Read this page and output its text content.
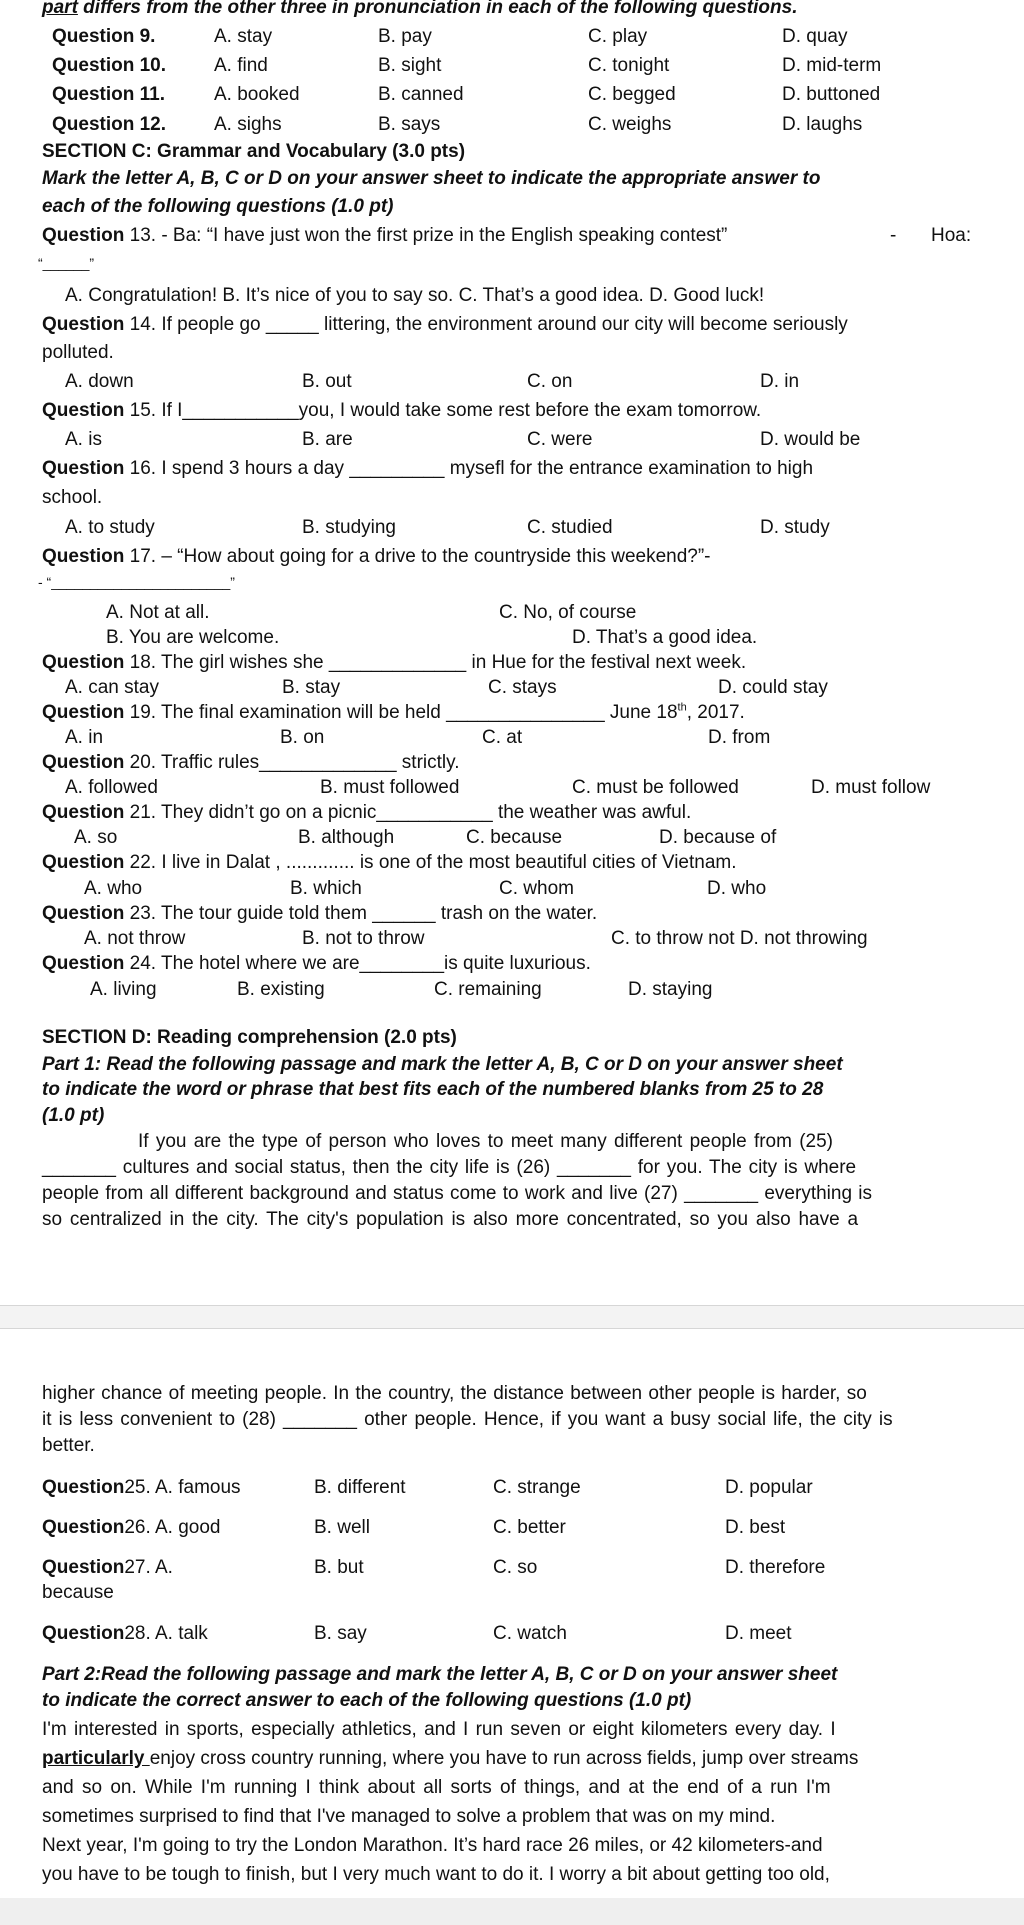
part differs from the other three in pronunciation in each of the following questions.
Question 9.	A. stay	B. pay	C. play	D. quay
Question 10.	A. find	B. sight	C. tonight	D. mid-term
Question 11.	A. booked	B. canned	C. begged	D. buttoned
Question 12.	A. sighs	B. says	C. weighs	D. laughs
SECTION C: Grammar and Vocabulary (3.0 pts)
Mark the letter A, B, C or D on your answer sheet to indicate the appropriate answer to
each of the following questions (1.0 pt)
Question 13. - Ba: “I have just won the first prize in the English speaking contest”	- Hoa:
“______”
A. Congratulation! B. It’s nice of you to say so. C. That’s a good idea. D. Good luck!
Question 14. If people go _____ littering, the environment around our city will become seriously
polluted.
A. down	B. out	C. on	D. in
Question 15. If I___________you, I would take some rest before the exam tomorrow.
A. is	B. are	C. were	D. would be
Question 16. I spend 3 hours a day _________ mysefl for the entrance examination to high
school.
A. to study	B. studying	C. studied	D. study
Question 17. – “How about going for a drive to the countryside this weekend?”-
- “_______________________”
A. Not at all.	C. No, of course
B. You are welcome.	D. That’s a good idea.
Question 18. The girl wishes she _____________ in Hue for the festival next week.
A. can stay	B. stay	C. stays	D. could stay
Question 19. The final examination will be held _______________ June 18th, 2017.
A. in	B. on	C. at	D. from
Question 20. Traffic rules_____________ strictly.
A. followed	B. must followed	C. must be followed	D. must follow
Question 21. They didn’t go on a picnic___________ the weather was awful.
A. so	B. although	C. because	D. because of
Question 22. I live in Dalat , ............. is one of the most beautiful cities of Vietnam.
A. who	B. which	C. whom	D. who
Question 23. The tour guide told them ______ trash on the water.
A. not throw	B. not to throw	C. to throw not D. not throwing
Question 24. The hotel where we are________is quite luxurious.
A. living	B. existing	C. remaining	D. staying
SECTION D: Reading comprehension (2.0 pts)
Part 1: Read the following passage and mark the letter A, B, C or D on your answer sheet
to indicate the word or phrase that best fits each of the numbered blanks from 25 to 28
(1.0 pt)
If you are the type of person who loves to meet many different people from (25)
_______ cultures and social status, then the city life is (26) _______ for you. The city is where
people from all different background and status come to work and live (27) _______ everything is
so centralized in the city. The city's population is also more concentrated, so you also have a
higher chance of meeting people. In the country, the distance between other people is harder, so
it is less convenient to (28) _______ other people. Hence, if you want a busy social life, the city is
better.
Question 25. A. famous	B. different	C. strange	D. popular
Question 26. A. good	B. well	C. better	D. best
Question 27. A.	B. but	C. so	D. therefore
because
Question 28. A. talk	B. say	C. watch	D. meet
Part 2:Read the following passage and mark the letter A, B, C or D on your answer sheet
to indicate the correct answer to each of the following questions (1.0 pt)
I'm interested in sports, especially athletics, and I run seven or eight kilometers every day. I
particularly enjoy cross country running, where you have to run across fields, jump over streams
and so on. While I'm running I think about all sorts of things, and at the end of a run I'm
sometimes surprised to find that I've managed to solve a problem that was on my mind.
Next year, I'm going to try the London Marathon. It’s hard race 26 miles, or 42 kilometers-and
you have to be tough to finish, but I very much want to do it. I worry a bit about getting too old,
